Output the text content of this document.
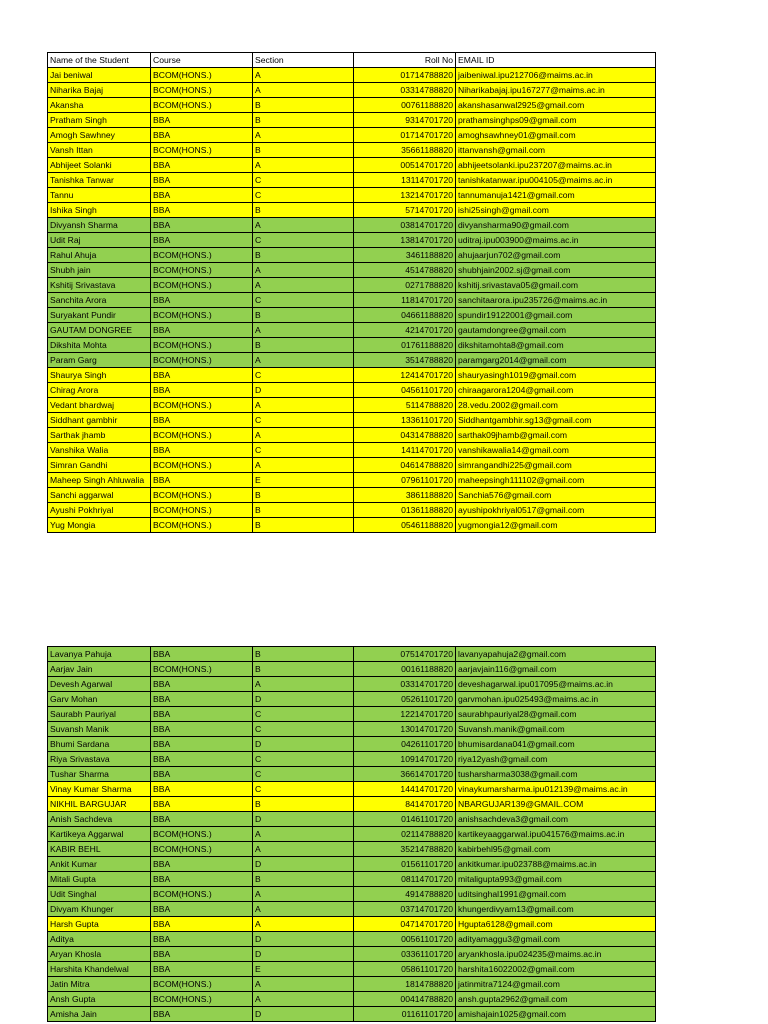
Name of the Student	Course	Section	Roll No	EMAIL ID
Jai beniwal	BCOM(HONS.)	A	01714788820	jaibeniwal.ipu212706@maims.ac.in
Niharika Bajaj	BCOM(HONS.)	A	03314788820	Niharikabajaj.ipu167277@maims.ac.in
Akansha	BCOM(HONS.)	B	00761188820	akanshasanwal2925@gmail.com
Pratham Singh	BBA	B	9314701720	prathamsinghps09@gmail.com
Amogh Sawhney	BBA	A	01714701720	amoghsawhney01@gmail.com
Vansh Ittan	BCOM(HONS.)	B	35661188820	ittanvansh@gmail.com
Abhijeet Solanki	BBA	A	00514701720	abhijeetsolanki.ipu237207@maims.ac.in
Tanishka Tanwar	BBA	C	13114701720	tanishkatanwar.ipu004105@maims.ac.in
Tannu	BBA	C	13214701720	tannumanuja1421@gmail.com
Ishika Singh	BBA	B	5714701720	ishi25singh@gmail.com
Divyansh Sharma	BBA	A	03814701720	divyansharma90@gmail.com
Udit Raj	BBA	C	13814701720	uditraj.ipu003900@maims.ac.in
Rahul Ahuja	BCOM(HONS.)	B	3461188820	ahujaarjun702@gmail.com
Shubh jain	BCOM(HONS.)	A	4514788820	shubhjain2002.sj@gmail.com
Kshitij Srivastava	BCOM(HONS.)	A	0271788820	kshitij.srivastava05@gmail.com
Sanchita Arora	BBA	C	11814701720	sanchitaarora.ipu235726@maims.ac.in
Suryakant Pundir	BCOM(HONS.)	B	04661188820	spundir19122001@gmail.com
GAUTAM DONGREE	BBA	A	4214701720	gautamdongree@gmail.com
Dikshita Mohta	BCOM(HONS.)	B	01761188820	dikshitamohta8@gmail.com
Param Garg	BCOM(HONS.)	A	3514788820	paramgarg2014@gmail.com
Shaurya Singh	BBA	C	12414701720	shauryasingh1019@gmail.com
Chirag Arora	BBA	D	04561101720	chiraagarora1204@gmail.com
Vedant bhardwaj	BCOM(HONS.)	A	5114788820	28.vedu.2002@gmail.com
Siddhant gambhir	BBA	C	13361101720	Siddhantgambhir.sg13@gmail.com
Sarthak jhamb	BCOM(HONS.)	A	04314788820	sarthak09jhamb@gmail.com
Vanshika Walia	BBA	C	14114701720	vanshikawalia14@gmail.com
Simran Gandhi	BCOM(HONS.)	A	04614788820	simrangandhi225@gmail.com
Maheep Singh Ahluwalia	BBA	E	07961101720	maheepsingh111102@gmail.com
Sanchi aggarwal	BCOM(HONS.)	B	3861188820	Sanchia576@gmail.com
Ayushi Pokhriyal	BCOM(HONS.)	B	01361188820	ayushipokhriyal0517@gmail.com
Yug Mongia	BCOM(HONS.)	B	05461188820	yugmongia12@gmail.com
Lavanya Pahuja	BBA	B	07514701720	lavanyapahuja2@gmail.com
Aarjav Jain	BCOM(HONS.)	B	00161188820	aarjavjain116@gmail.com
Devesh Agarwal	BBA	A	03314701720	deveshagarwal.ipu017095@maims.ac.in
Garv Mohan	BBA	D	05261101720	garvmohan.ipu025493@maims.ac.in
Saurabh Pauriyal	BBA	C	12214701720	saurabhpauriyal28@gmail.com
Suvansh Manik	BBA	C	13014701720	Suvansh.manik@gmail.com
Bhumi Sardana	BBA	D	04261101720	bhumisardana041@gmail.com
Riya Srivastava	BBA	C	10914701720	riya12yash@gmail.com
Tushar Sharma	BBA	C	36614701720	tusharsharma3038@gmail.com
Vinay Kumar Sharma	BBA	C	14414701720	vinaykumarsharma.ipu012139@maims.ac.in
NIKHIL BARGUJAR	BBA	B	8414701720	NBARGUJAR139@GMAIL.COM
Anish Sachdeva	BBA	D	01461101720	anishsachdeva3@gmail.com
Kartikeya Aggarwal	BCOM(HONS.)	A	02114788820	kartikeyaaggarwal.ipu041576@maims.ac.in
KABIR BEHL	BCOM(HONS.)	A	35214788820	kabirbehl95@gmail.com
Ankit Kumar	BBA	D	01561101720	ankitkumar.ipu023788@maims.ac.in
Mitali Gupta	BBA	B	08114701720	mitaligupta993@gmail.com
Udit Singhal	BCOM(HONS.)	A	4914788820	uditsinghal1991@gmail.com
Divyam Khunger	BBA	A	03714701720	khungerdivyam13@gmail.com
Harsh Gupta	BBA	A	04714701720	Hgupta6128@gmail.com
Aditya	BBA	D	00561101720	adityamaggu3@gmail.com
Aryan Khosla	BBA	D	03361101720	aryankhosla.ipu024235@maims.ac.in
Harshita Khandelwal	BBA	E	05861101720	harshita16022002@gmail.com
Jatin Mitra	BCOM(HONS.)	A	1814788820	jatinmitra7124@gmail.com
Ansh Gupta	BCOM(HONS.)	A	00414788820	ansh.gupta2962@gmail.com
Amisha Jain	BBA	D	01161101720	amishajain1025@gmail.com
